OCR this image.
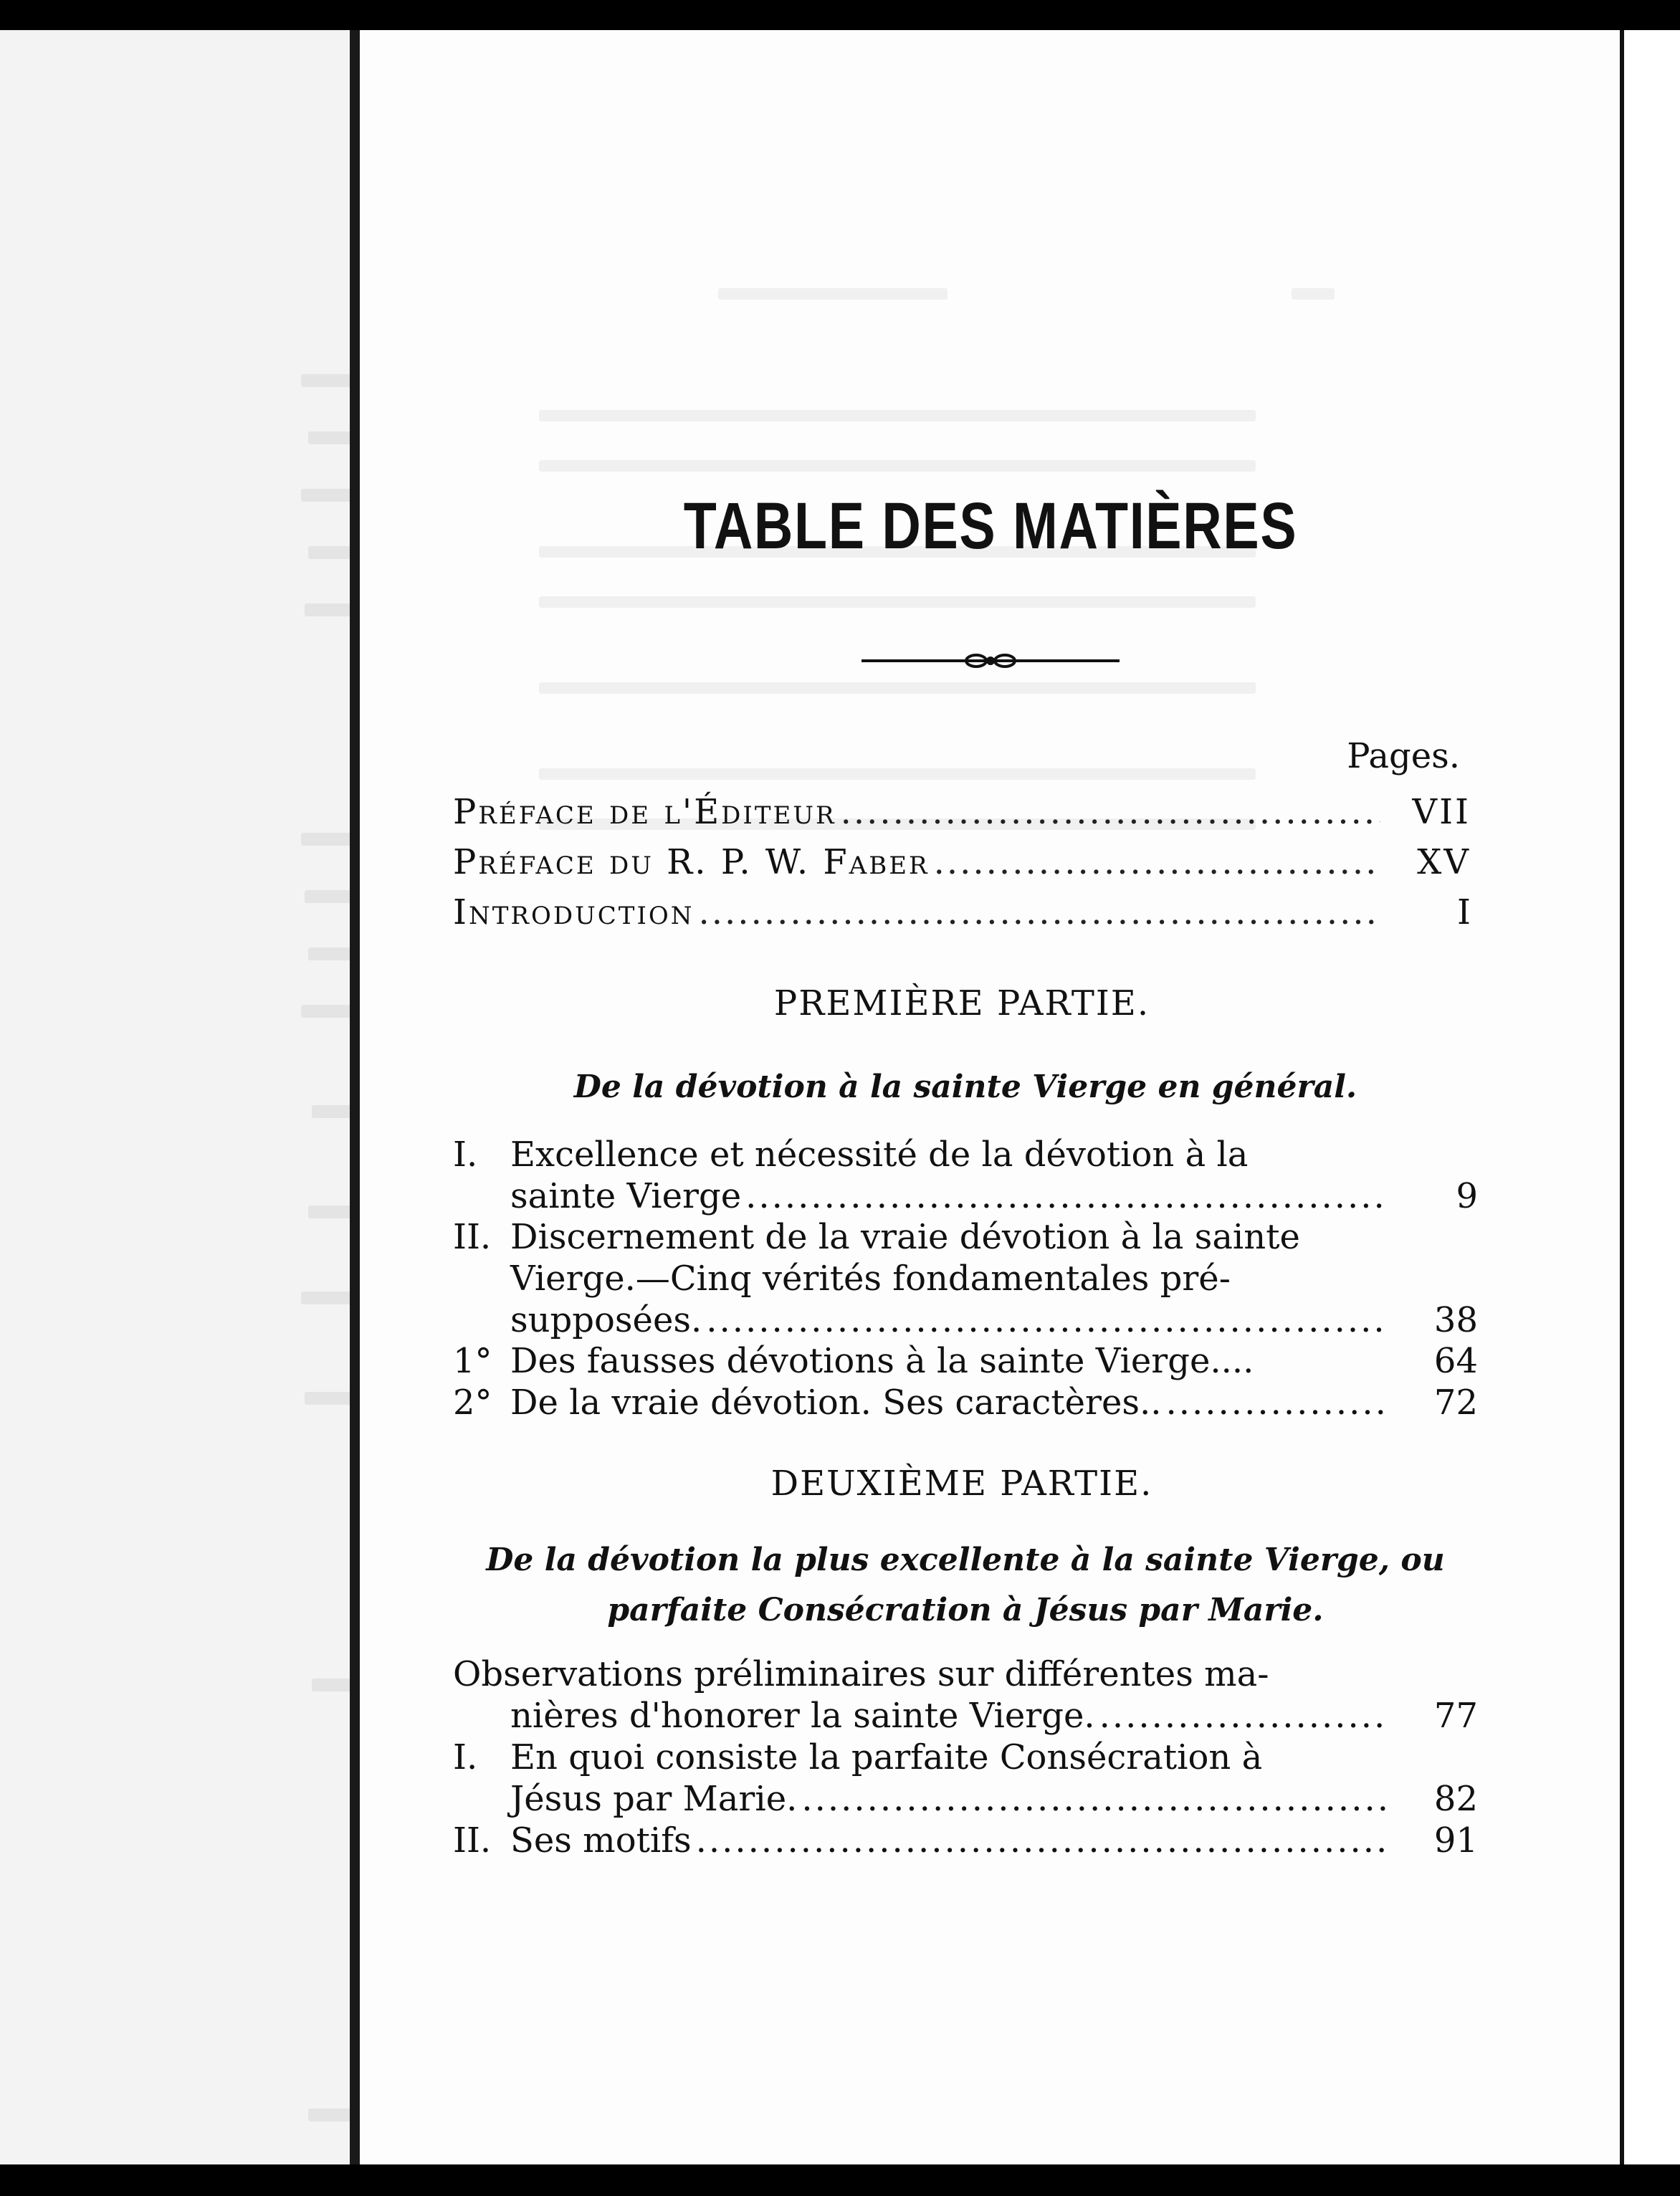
TABLE DES MATIÈRES
Pages.
Préface de l'Éditeur .....	VII
Préface du R. P. W. Faber .....	XV
Introduction .....	I
PREMIÈRE PARTIE.
De la dévotion à la sainte Vierge en général.
I. Excellence et nécessité de la dévotion à la
sainte Vierge .....	9
II. Discernement de la vraie dévotion à la sainte
Vierge.—Cinq vérités fondamentales pré-
supposées. .....	38
1° Des fausses dévotions à la sainte Vierge....	64
2° De la vraie dévotion. Ses caractères.. .....	72
DEUXIÈME PARTIE.
De la dévotion la plus excellente à la sainte Vierge, ou
parfaite Consécration à Jésus par Marie.
Observations préliminaires sur différentes ma-
nières d'honorer la sainte Vierge. .....	77
I. En quoi consiste la parfaite Consécration à
Jésus par Marie. .....	82
II. Ses motifs .....	91
